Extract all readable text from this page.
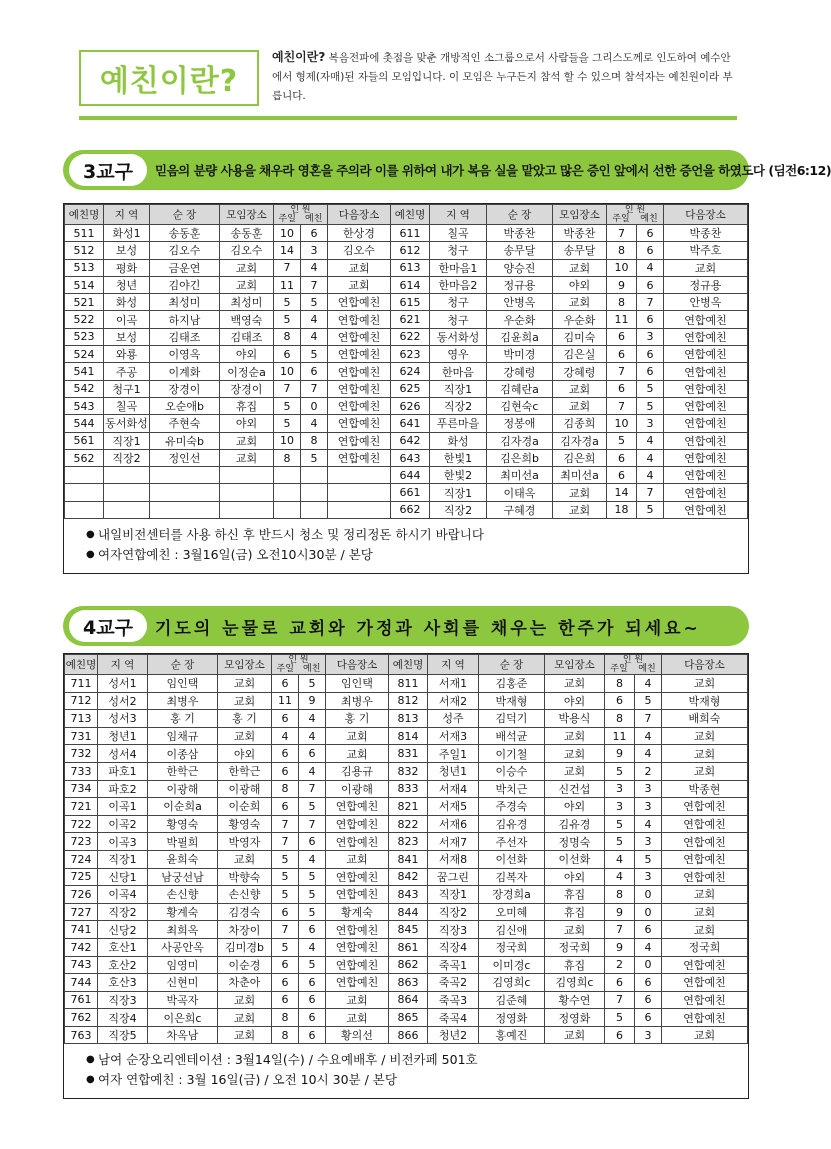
예친이란?
예친이란? 복음전파에 촛점을 맞춘 개방적인 소그룹으로서 사람들을 그리스도께로 인도하여 예수안에서 형제(자매)된 자들의 모임입니다. 이 모임은 누구든지 참석 할 수 있으며 참석자는 예친원이라 부릅니다.
3교구	믿음의 분량 사용을 채우라 영혼을 주의라 이를 위하여 내가 복음 실을 맡았고 많은 증인 앞에서 선한 증언을 하였도다 (딤전6:12)
예친명	지 역	순 장	모임장소	인 원
주일 예친		다음장소	예친명	지 역	순 장	모임장소	인 원
주일 예친		다음장소
511	화성1	송동훈	송동훈	10	6	한상경	611	칠곡	박종찬	박종찬	7	6	박종찬
512	보성	김오수	김오수	14	3	김오수	612	청구	송무달	송무달	8	6	박주호
513	평화	금운연	교회	7	4	교회	613	한마음1	양승진	교회	10	4	교회
514	청년	김야긴	교회	11	7	교회	614	한마음2	정규용	야외	9	6	정규용
521	화성	최성미	최성미	5	5	연합예친	615	청구	안병옥	교회	8	7	안병옥
522	이곡	하지남	백영숙	5	4	연합예친	621	청구	우순화	우순화	11	6	연합예친
523	보성	김태조	김태조	8	4	연합예친	622	동서화성	김윤희a	김미숙	6	3	연합예친
524	와룡	이영옥	야외	6	5	연합예친	623	영우	박미경	김은실	6	6	연합예친
541	주공	이계화	이정순a	10	6	연합예친	624	한마음	강혜령	강혜령	7	6	연합예친
542	청구1	장경이	장경이	7	7	연합예친	625	직장1	김혜란a	교회	6	5	연합예친
543	칠곡	오순애b	휴집	5	0	연합예친	626	직장2	김현숙c	교회	7	5	연합예친
544	동서화성	주현숙	야외	5	4	연합예친	641	푸른마을	정봉애	김종희	10	3	연합예친
561	직장1	유미숙b	교회	10	8	연합예친	642	화성	김자경a	김자경a	5	4	연합예친
562	직장2	정인선	교회	8	5	연합예친	643	한빛1	김은희b	김은희	6	4	연합예친
							644	한빛2	최미선a	최미선a	6	4	연합예친
							661	직장1	이태옥	교회	14	7	연합예친
							662	직장2	구혜경	교회	18	5	연합예친
● 내일비전센터를 사용 하신 후 반드시 청소 및 정리정돈 하시기 바랍니다
● 여자연합예친 : 3월16일(금) 오전10시30분 / 본당
4교구	기도의 눈물로 교회와 가정과 사회를 채우는 한주가 되세요~
예친명	지 역	순 장	모임장소	인 원
주일 예친		다음장소	예친명	지 역	순 장	모임장소	인 원
주일 예친		다음장소
711	성서1	임인택	교회	6	5	임인택	811	서재1	김홍준	교회	8	4	교회
712	성서2	최병우	교회	11	9	최병우	812	서재2	박재형	야외	6	5	박재형
713	성서3	홍 기	홍 기	6	4	홍 기	813	성주	김덕기	박용식	8	7	배희숙
731	청년1	임채규	교회	4	4	교회	814	서재3	배석균	교회	11	4	교회
732	성서4	이종삼	야외	6	6	교회	831	주일1	이기철	교회	9	4	교회
733	파호1	한학근	한학근	6	4	김용규	832	청년1	이승수	교회	5	2	교회
734	파호2	이광해	이광해	8	7	이광해	833	서재4	박치근	신건섭	3	3	박종현
721	이곡1	이순희a	이순희	6	5	연합예친	821	서재5	주경숙	야외	3	3	연합예친
722	이곡2	황영숙	황영숙	7	7	연합예친	822	서재6	김유경	김유경	5	4	연합예친
723	이곡3	박필희	박영자	7	6	연합예친	823	서재7	주선자	정명숙	5	3	연합예친
724	직장1	윤희숙	교회	5	4	교회	841	서재8	이선화	이선화	4	5	연합예친
725	신당1	남궁선남	박향숙	5	5	연합예친	842	꿈그린	김복자	야외	4	3	연합예친
726	이곡4	손신향	손신향	5	5	연합예친	843	직장1	장경희a	휴집	8	0	교회
727	직장2	황계숙	김경숙	6	5	황계숙	844	직장2	오미혜	휴집	9	0	교회
741	신당2	최희옥	차장이	7	6	연합예친	845	직장3	김신애	교회	7	6	교회
742	호산1	사공안옥	김미경b	5	4	연합예친	861	직장4	정국희	정국희	9	4	정국희
743	호산2	임영미	이순경	6	5	연합예친	862	죽곡1	이미경c	휴집	2	0	연합예친
744	호산3	신현미	차춘아	6	6	연합예친	863	죽곡2	김영희c	김영희c	6	6	연합예친
761	직장3	박곡자	교회	6	6	교회	864	죽곡3	김준혜	황수연	7	6	연합예친
762	직장4	이은희c	교회	8	6	교회	865	죽곡4	정영화	정영화	5	6	연합예친
763	직장5	차옥남	교회	8	6	황의선	866	청년2	홍예진	교회	6	3	교회
● 남여 순장오리엔테이션 : 3월14일(수) / 수요예배후 / 비전카페 501호
● 여자 연합예친 : 3월 16일(금) / 오전 10시 30분 / 본당
